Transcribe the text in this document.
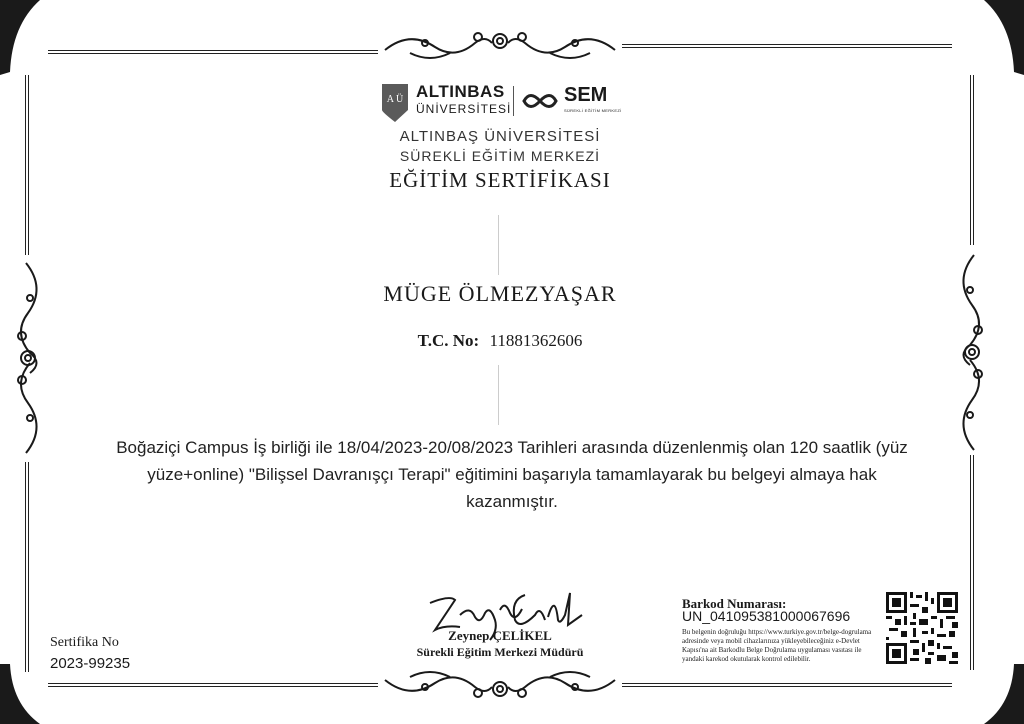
A Ü ALTINBAS
ÜNİVERSİTESİ
SEM
SÜREKLİ EĞİTİM MERKEZİ
ALTINBAŞ ÜNİVERSİTESİ
SÜREKLİ EĞİTİM MERKEZİ
EĞİTİM SERTİFİKASI
MÜGE ÖLMEZYAŞAR
T.C. No: 11881362606
Boğaziçi Campus İş birliği ile 18/04/2023-20/08/2023 Tarihleri arasında düzenlenmiş olan 120 saatlik (yüz
yüze+online) "Bilişsel Davranışçı Terapi" eğitimini başarıyla tamamlayarak bu belgeyi almaya hak
kazanmıştır.
Sertifika No
2023-99235
Zeynep ÇELİKEL
Sürekli Eğitim Merkezi Müdürü
Barkod Numarası:
UN_041095381000067696
Bu belgenin doğruluğu https://www.turkiye.gov.tr/belge-dogrulama adresinde veya mobil cihazlarınıza yükleyebileceğiniz e-Devlet Kapısı'na ait Barkodlu Belge Doğrulama uygulaması vasıtası ile yandaki karekod okutularak kontrol edilebilir.
